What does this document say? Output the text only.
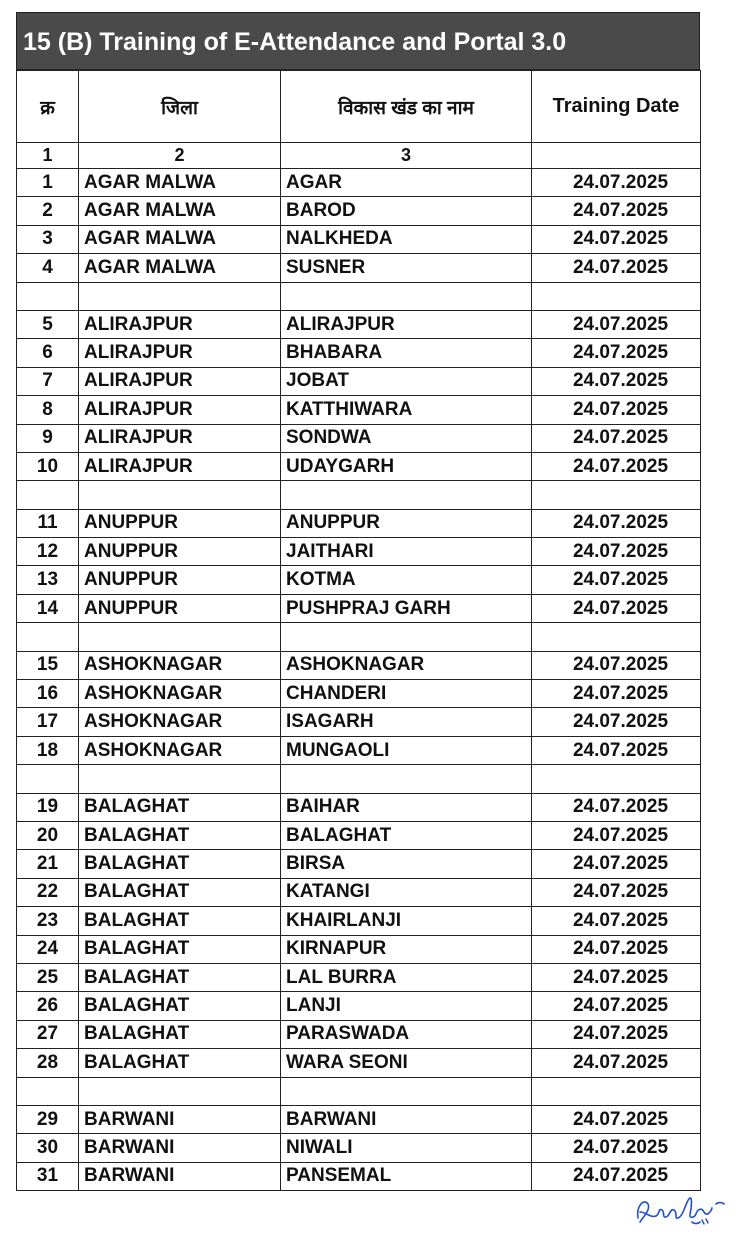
15 (B) Training of E-Attendance and Portal 3.0
क्र	जिला	विकास खंड का नाम	Training Date
1	2	3	
1	AGAR MALWA	AGAR	24.07.2025
2	AGAR MALWA	BAROD	24.07.2025
3	AGAR MALWA	NALKHEDA	24.07.2025
4	AGAR MALWA	SUSNER	24.07.2025

5	ALIRAJPUR	ALIRAJPUR	24.07.2025
6	ALIRAJPUR	BHABARA	24.07.2025
7	ALIRAJPUR	JOBAT	24.07.2025
8	ALIRAJPUR	KATTHIWARA	24.07.2025
9	ALIRAJPUR	SONDWA	24.07.2025
10	ALIRAJPUR	UDAYGARH	24.07.2025

11	ANUPPUR	ANUPPUR	24.07.2025
12	ANUPPUR	JAITHARI	24.07.2025
13	ANUPPUR	KOTMA	24.07.2025
14	ANUPPUR	PUSHPRAJ GARH	24.07.2025

15	ASHOKNAGAR	ASHOKNAGAR	24.07.2025
16	ASHOKNAGAR	CHANDERI	24.07.2025
17	ASHOKNAGAR	ISAGARH	24.07.2025
18	ASHOKNAGAR	MUNGAOLI	24.07.2025

19	BALAGHAT	BAIHAR	24.07.2025
20	BALAGHAT	BALAGHAT	24.07.2025
21	BALAGHAT	BIRSA	24.07.2025
22	BALAGHAT	KATANGI	24.07.2025
23	BALAGHAT	KHAIRLANJI	24.07.2025
24	BALAGHAT	KIRNAPUR	24.07.2025
25	BALAGHAT	LAL BURRA	24.07.2025
26	BALAGHAT	LANJI	24.07.2025
27	BALAGHAT	PARASWADA	24.07.2025
28	BALAGHAT	WARA SEONI	24.07.2025

29	BARWANI	BARWANI	24.07.2025
30	BARWANI	NIWALI	24.07.2025
31	BARWANI	PANSEMAL	24.07.2025
